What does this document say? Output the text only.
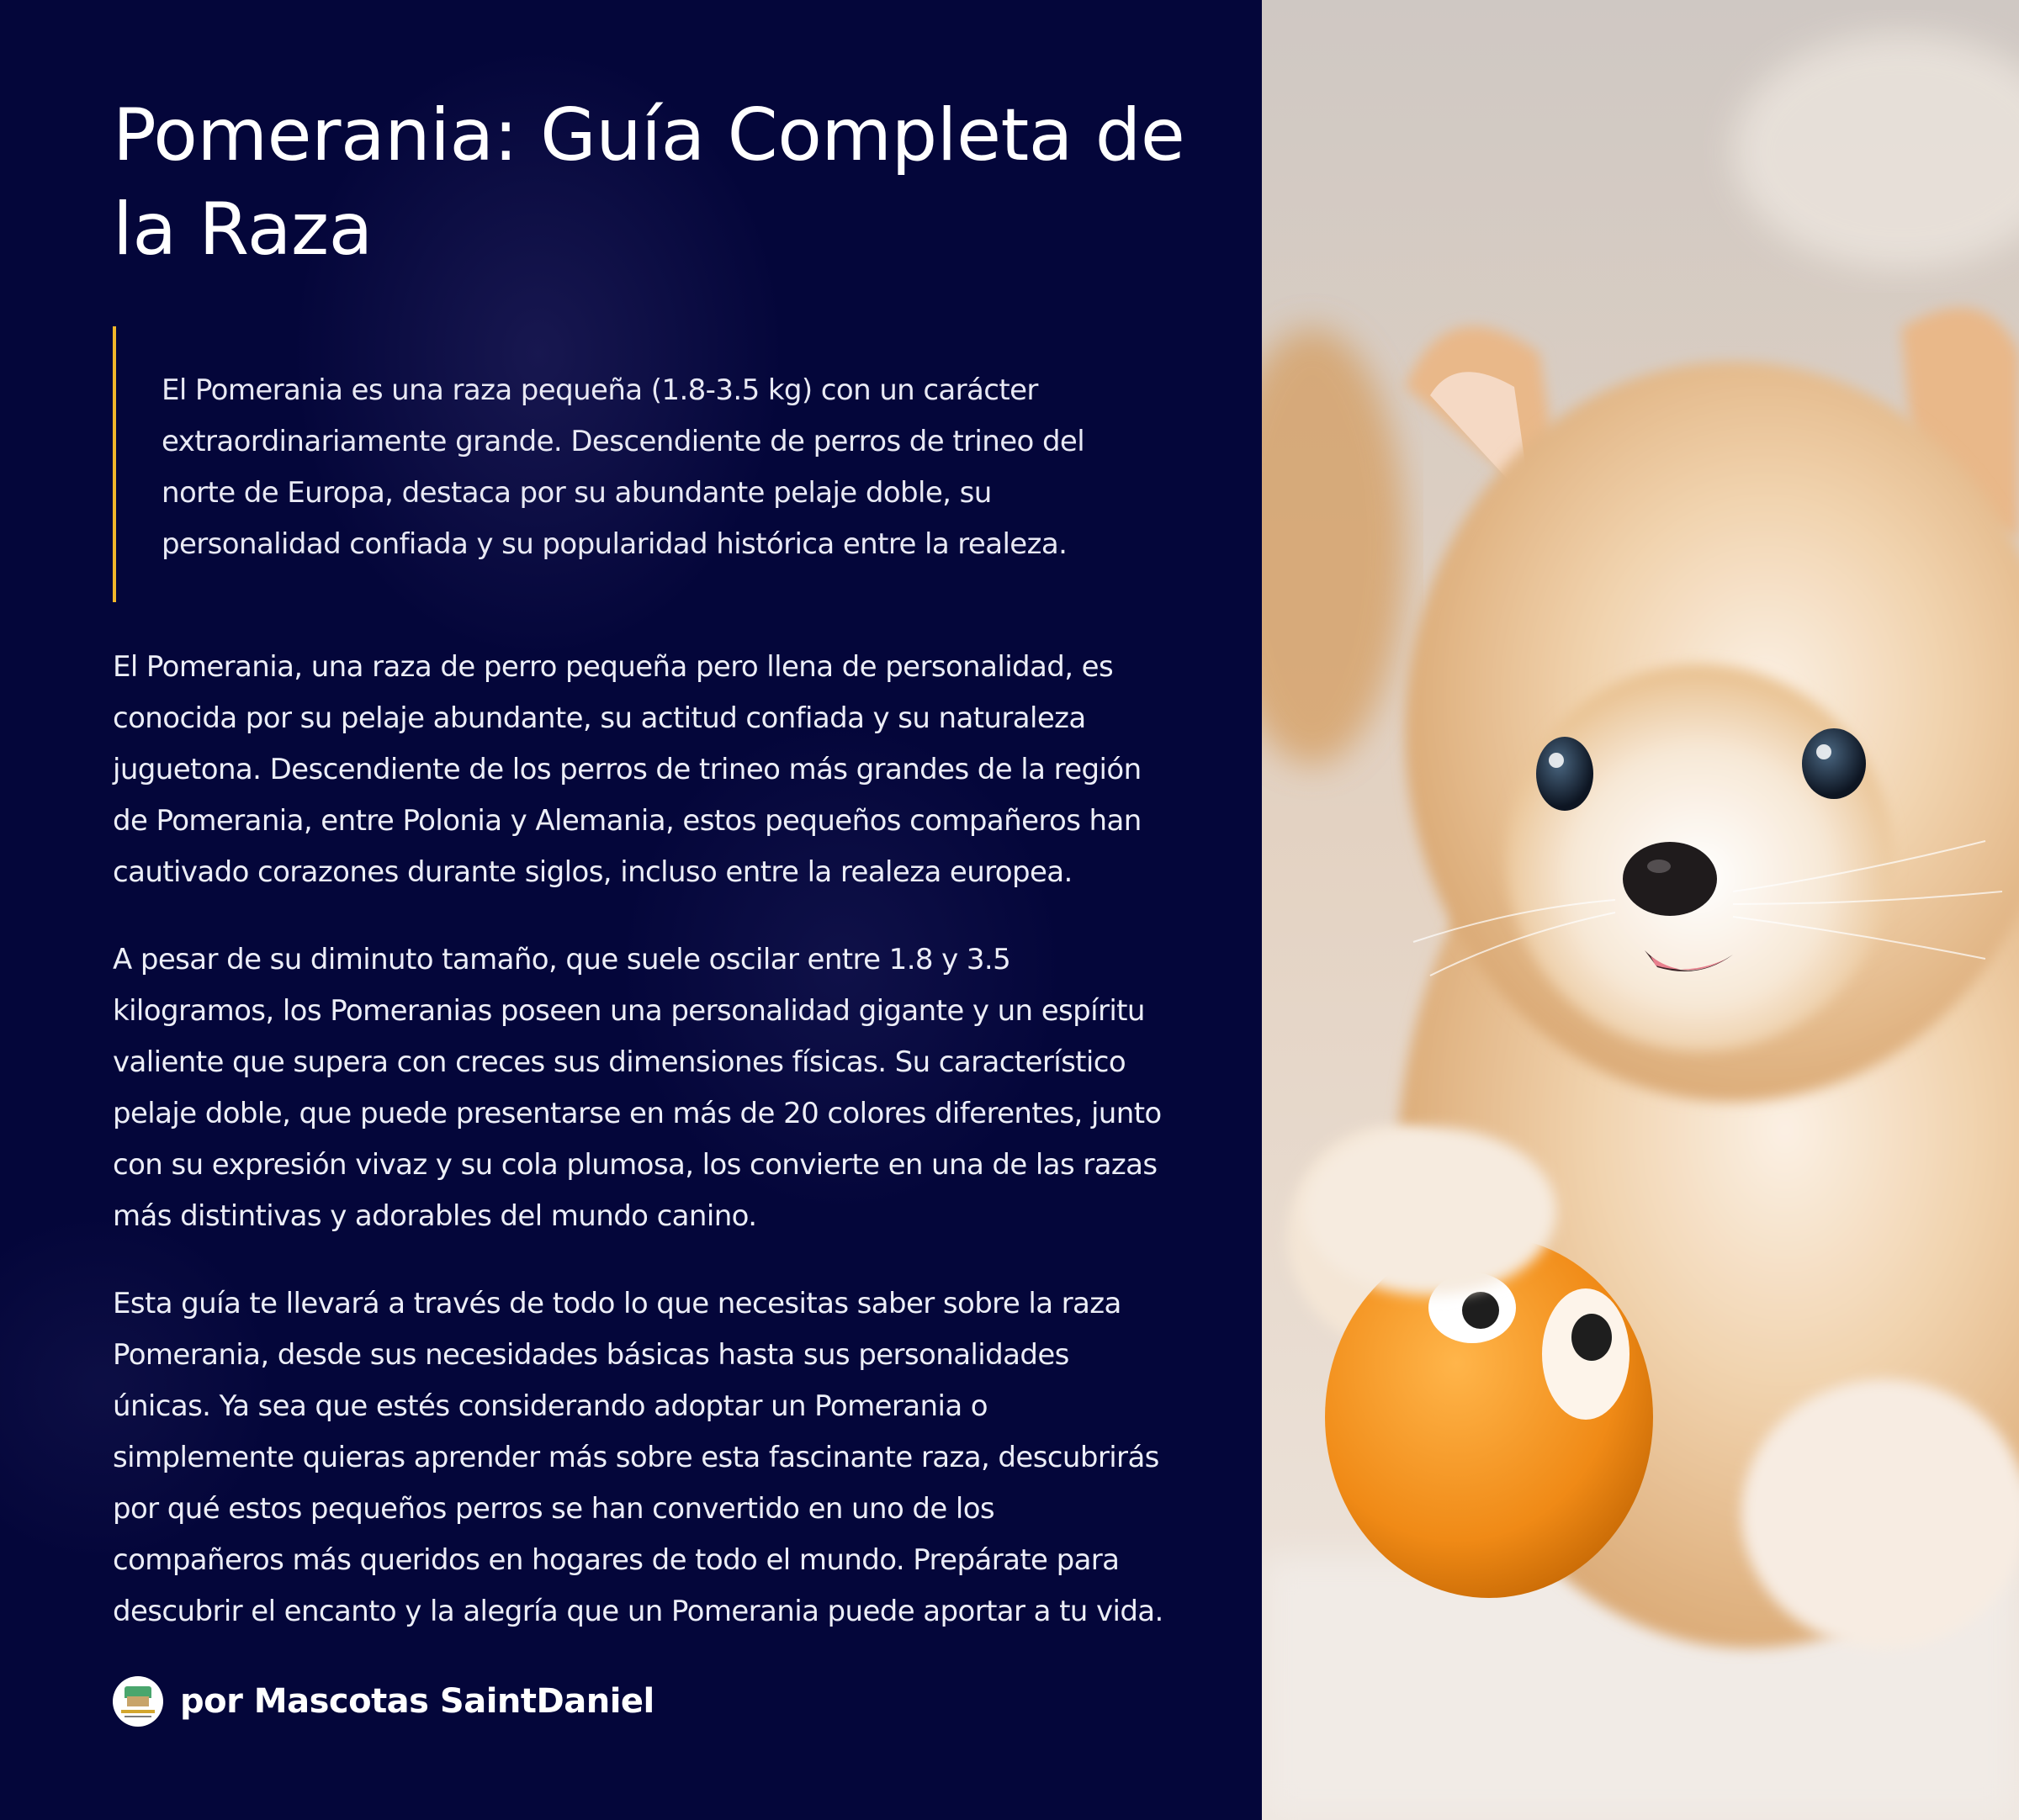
Pomerania: Guía Completa de la Raza

El Pomerania es una raza pequeña (1.8-3.5 kg) con un carácter extraordinariamente grande. Descendiente de perros de trineo del norte de Europa, destaca por su abundante pelaje doble, su personalidad confiada y su popularidad histórica entre la realeza.

El Pomerania, una raza de perro pequeña pero llena de personalidad, es conocida por su pelaje abundante, su actitud confiada y su naturaleza juguetona. Descendiente de los perros de trineo más grandes de la región de Pomerania, entre Polonia y Alemania, estos pequeños compañeros han cautivado corazones durante siglos, incluso entre la realeza europea.

A pesar de su diminuto tamaño, que suele oscilar entre 1.8 y 3.5 kilogramos, los Pomeranias poseen una personalidad gigante y un espíritu valiente que supera con creces sus dimensiones físicas. Su característico pelaje doble, que puede presentarse en más de 20 colores diferentes, junto con su expresión vivaz y su cola plumosa, los convierte en una de las razas más distintivas y adorables del mundo canino.

Esta guía te llevará a través de todo lo que necesitas saber sobre la raza Pomerania, desde sus necesidades básicas hasta sus personalidades únicas. Ya sea que estés considerando adoptar un Pomerania o simplemente quieras aprender más sobre esta fascinante raza, descubrirás por qué estos pequeños perros se han convertido en uno de los compañeros más queridos en hogares de todo el mundo. Prepárate para descubrir el encanto y la alegría que un Pomerania puede aportar a tu vida.

por Mascotas SaintDaniel
